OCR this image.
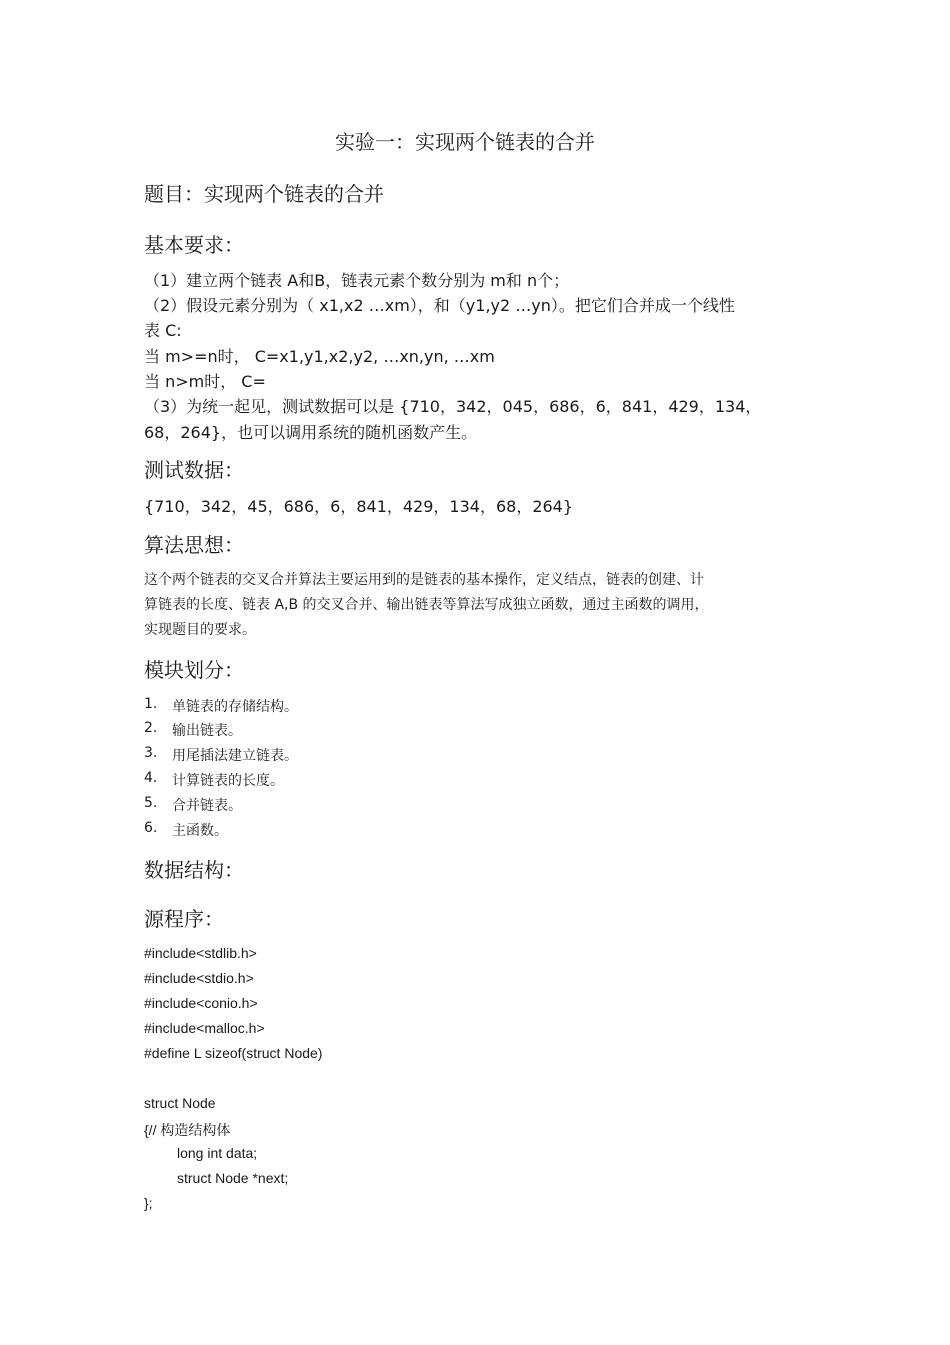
实验一：实现两个链表的合并
题目：实现两个链表的合并
基本要求：
（1）建立两个链表 A和B，链表元素个数分别为 m和 n个；
（2）假设元素分别为（ x1,x2 …xm），和（y1,y2 …yn）。把它们合并成一个线性
表 C:
当 m>=n时， C=x1,y1,x2,y2, …xn,yn, …xm
当 n>m时， C=
（3）为统一起见，测试数据可以是 {710，342，045，686，6，841，429，134，
68，264}，也可以调用系统的随机函数产生。
测试数据：
{710，342，45，686，6，841，429，134，68，264}
算法思想：
这个两个链表的交叉合并算法主要运用到的是链表的基本操作，定义结点，链表的创建、计
算链表的长度、链表 A,B 的交叉合并、输出链表等算法写成独立函数，通过主函数的调用，
实现题目的要求。
模块划分：
1. 单链表的存储结构。
2. 输出链表。
3. 用尾插法建立链表。
4. 计算链表的长度。
5. 合并链表。
6. 主函数。
数据结构：
源程序：
#include<stdlib.h>
#include<stdio.h>
#include<conio.h>
#include<malloc.h>
#define L sizeof(struct Node)
struct Node
{// 构造结构体
long int data;
struct Node *next;
};
